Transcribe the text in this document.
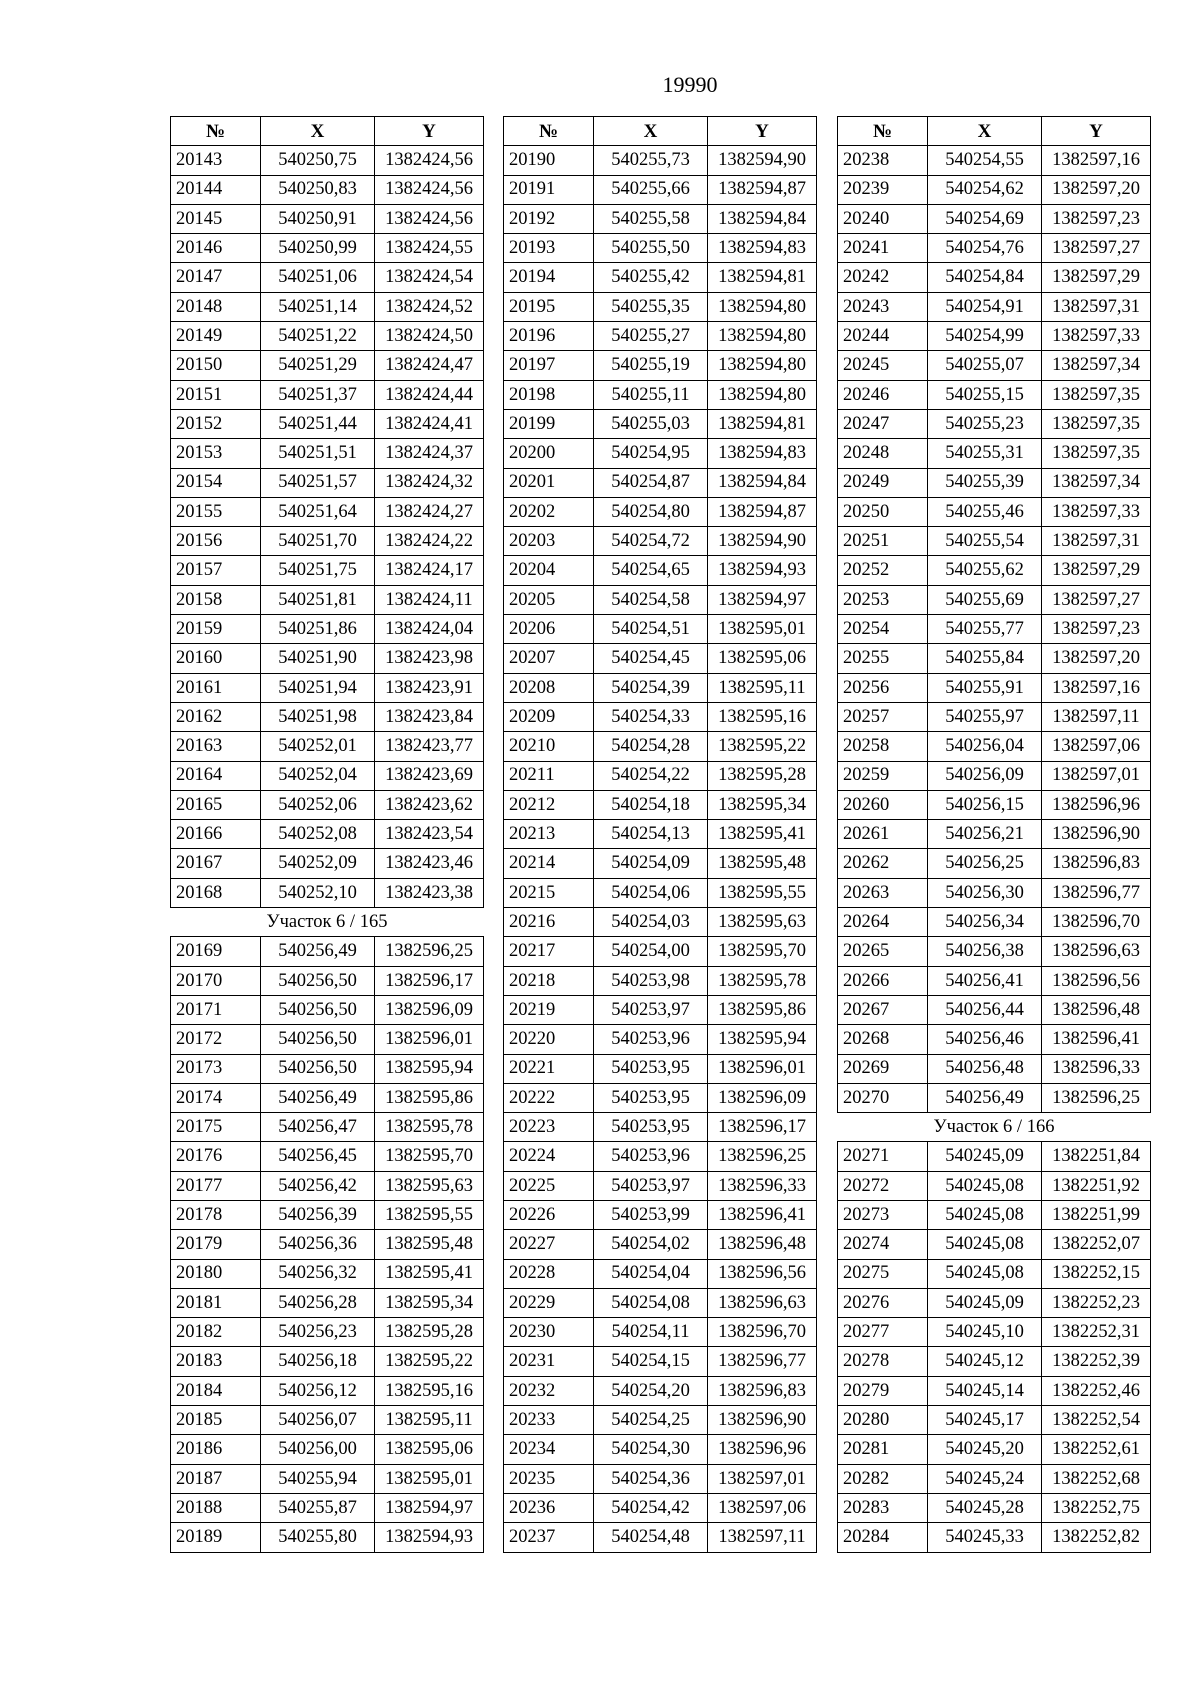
19990
№	X	Y
20143	540250,75	1382424,56
20144	540250,83	1382424,56
20145	540250,91	1382424,56
20146	540250,99	1382424,55
20147	540251,06	1382424,54
20148	540251,14	1382424,52
20149	540251,22	1382424,50
20150	540251,29	1382424,47
20151	540251,37	1382424,44
20152	540251,44	1382424,41
20153	540251,51	1382424,37
20154	540251,57	1382424,32
20155	540251,64	1382424,27
20156	540251,70	1382424,22
20157	540251,75	1382424,17
20158	540251,81	1382424,11
20159	540251,86	1382424,04
20160	540251,90	1382423,98
20161	540251,94	1382423,91
20162	540251,98	1382423,84
20163	540252,01	1382423,77
20164	540252,04	1382423,69
20165	540252,06	1382423,62
20166	540252,08	1382423,54
20167	540252,09	1382423,46
20168	540252,10	1382423,38
Участок 6 / 165		
20169	540256,49	1382596,25
20170	540256,50	1382596,17
20171	540256,50	1382596,09
20172	540256,50	1382596,01
20173	540256,50	1382595,94
20174	540256,49	1382595,86
20175	540256,47	1382595,78
20176	540256,45	1382595,70
20177	540256,42	1382595,63
20178	540256,39	1382595,55
20179	540256,36	1382595,48
20180	540256,32	1382595,41
20181	540256,28	1382595,34
20182	540256,23	1382595,28
20183	540256,18	1382595,22
20184	540256,12	1382595,16
20185	540256,07	1382595,11
20186	540256,00	1382595,06
20187	540255,94	1382595,01
20188	540255,87	1382594,97
20189	540255,80	1382594,93
№	X	Y
20190	540255,73	1382594,90
20191	540255,66	1382594,87
20192	540255,58	1382594,84
20193	540255,50	1382594,83
20194	540255,42	1382594,81
20195	540255,35	1382594,80
20196	540255,27	1382594,80
20197	540255,19	1382594,80
20198	540255,11	1382594,80
20199	540255,03	1382594,81
20200	540254,95	1382594,83
20201	540254,87	1382594,84
20202	540254,80	1382594,87
20203	540254,72	1382594,90
20204	540254,65	1382594,93
20205	540254,58	1382594,97
20206	540254,51	1382595,01
20207	540254,45	1382595,06
20208	540254,39	1382595,11
20209	540254,33	1382595,16
20210	540254,28	1382595,22
20211	540254,22	1382595,28
20212	540254,18	1382595,34
20213	540254,13	1382595,41
20214	540254,09	1382595,48
20215	540254,06	1382595,55
20216	540254,03	1382595,63
20217	540254,00	1382595,70
20218	540253,98	1382595,78
20219	540253,97	1382595,86
20220	540253,96	1382595,94
20221	540253,95	1382596,01
20222	540253,95	1382596,09
20223	540253,95	1382596,17
20224	540253,96	1382596,25
20225	540253,97	1382596,33
20226	540253,99	1382596,41
20227	540254,02	1382596,48
20228	540254,04	1382596,56
20229	540254,08	1382596,63
20230	540254,11	1382596,70
20231	540254,15	1382596,77
20232	540254,20	1382596,83
20233	540254,25	1382596,90
20234	540254,30	1382596,96
20235	540254,36	1382597,01
20236	540254,42	1382597,06
20237	540254,48	1382597,11
№	X	Y
20238	540254,55	1382597,16
20239	540254,62	1382597,20
20240	540254,69	1382597,23
20241	540254,76	1382597,27
20242	540254,84	1382597,29
20243	540254,91	1382597,31
20244	540254,99	1382597,33
20245	540255,07	1382597,34
20246	540255,15	1382597,35
20247	540255,23	1382597,35
20248	540255,31	1382597,35
20249	540255,39	1382597,34
20250	540255,46	1382597,33
20251	540255,54	1382597,31
20252	540255,62	1382597,29
20253	540255,69	1382597,27
20254	540255,77	1382597,23
20255	540255,84	1382597,20
20256	540255,91	1382597,16
20257	540255,97	1382597,11
20258	540256,04	1382597,06
20259	540256,09	1382597,01
20260	540256,15	1382596,96
20261	540256,21	1382596,90
20262	540256,25	1382596,83
20263	540256,30	1382596,77
20264	540256,34	1382596,70
20265	540256,38	1382596,63
20266	540256,41	1382596,56
20267	540256,44	1382596,48
20268	540256,46	1382596,41
20269	540256,48	1382596,33
20270	540256,49	1382596,25
Участок 6 / 166		
20271	540245,09	1382251,84
20272	540245,08	1382251,92
20273	540245,08	1382251,99
20274	540245,08	1382252,07
20275	540245,08	1382252,15
20276	540245,09	1382252,23
20277	540245,10	1382252,31
20278	540245,12	1382252,39
20279	540245,14	1382252,46
20280	540245,17	1382252,54
20281	540245,20	1382252,61
20282	540245,24	1382252,68
20283	540245,28	1382252,75
20284	540245,33	1382252,82
